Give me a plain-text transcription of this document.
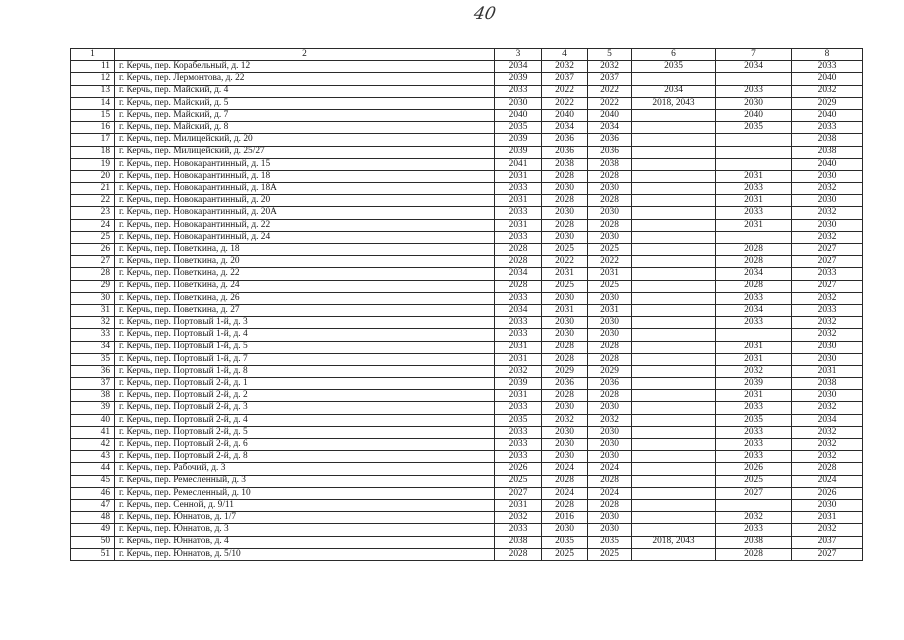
40
1	2	3	4	5	6	7	8
11	г. Керчь, пер. Корабельный, д. 12	2034	2032	2032	2035	2034	2033
12	г. Керчь, пер. Лермонтова, д. 22	2039	2037	2037			2040
13	г. Керчь, пер. Майский, д. 4	2033	2022	2022	2034	2033	2032
14	г. Керчь, пер. Майский, д. 5	2030	2022	2022	2018, 2043	2030	2029
15	г. Керчь, пер. Майский, д. 7	2040	2040	2040		2040	2040
16	г. Керчь, пер. Майский, д. 8	2035	2034	2034		2035	2033
17	г. Керчь, пер. Милицейский, д. 20	2039	2036	2036			2038
18	г. Керчь, пер. Милицейский, д. 25/27	2039	2036	2036			2038
19	г. Керчь, пер. Новокарантинный, д. 15	2041	2038	2038			2040
20	г. Керчь, пер. Новокарантинный, д. 18	2031	2028	2028		2031	2030
21	г. Керчь, пер. Новокарантинный, д. 18А	2033	2030	2030		2033	2032
22	г. Керчь, пер. Новокарантинный, д. 20	2031	2028	2028		2031	2030
23	г. Керчь, пер. Новокарантинный, д. 20А	2033	2030	2030		2033	2032
24	г. Керчь, пер. Новокарантинный, д. 22	2031	2028	2028		2031	2030
25	г. Керчь, пер. Новокарантинный, д. 24	2033	2030	2030			2032
26	г. Керчь, пер. Поветкина, д. 18	2028	2025	2025		2028	2027
27	г. Керчь, пер. Поветкина, д. 20	2028	2022	2022		2028	2027
28	г. Керчь, пер. Поветкина, д. 22	2034	2031	2031		2034	2033
29	г. Керчь, пер. Поветкина, д. 24	2028	2025	2025		2028	2027
30	г. Керчь, пер. Поветкина, д. 26	2033	2030	2030		2033	2032
31	г. Керчь, пер. Поветкина, д. 27	2034	2031	2031		2034	2033
32	г. Керчь, пер. Портовый 1-й, д. 3	2033	2030	2030		2033	2032
33	г. Керчь, пер. Портовый 1-й, д. 4	2033	2030	2030			2032
34	г. Керчь, пер. Портовый 1-й, д. 5	2031	2028	2028		2031	2030
35	г. Керчь, пер. Портовый 1-й, д. 7	2031	2028	2028		2031	2030
36	г. Керчь, пер. Портовый 1-й, д. 8	2032	2029	2029		2032	2031
37	г. Керчь, пер. Портовый 2-й, д. 1	2039	2036	2036		2039	2038
38	г. Керчь, пер. Портовый 2-й, д. 2	2031	2028	2028		2031	2030
39	г. Керчь, пер. Портовый 2-й, д. 3	2033	2030	2030		2033	2032
40	г. Керчь, пер. Портовый 2-й, д. 4	2035	2032	2032		2035	2034
41	г. Керчь, пер. Портовый 2-й, д. 5	2033	2030	2030		2033	2032
42	г. Керчь, пер. Портовый 2-й, д. 6	2033	2030	2030		2033	2032
43	г. Керчь, пер. Портовый 2-й, д. 8	2033	2030	2030		2033	2032
44	г. Керчь, пер. Рабочий, д. 3	2026	2024	2024		2026	2028
45	г. Керчь, пер. Ремесленный, д. 3	2025	2028	2028		2025	2024
46	г. Керчь, пер. Ремесленный, д. 10	2027	2024	2024		2027	2026
47	г. Керчь, пер. Сенной, д. 9/11	2031	2028	2028			2030
48	г. Керчь, пер. Юннатов, д. 1/7	2032	2016	2030		2032	2031
49	г. Керчь, пер. Юннатов, д. 3	2033	2030	2030		2033	2032
50	г. Керчь, пер. Юннатов, д. 4	2038	2035	2035	2018, 2043	2038	2037
51	г. Керчь, пер. Юннатов, д. 5/10	2028	2025	2025		2028	2027
